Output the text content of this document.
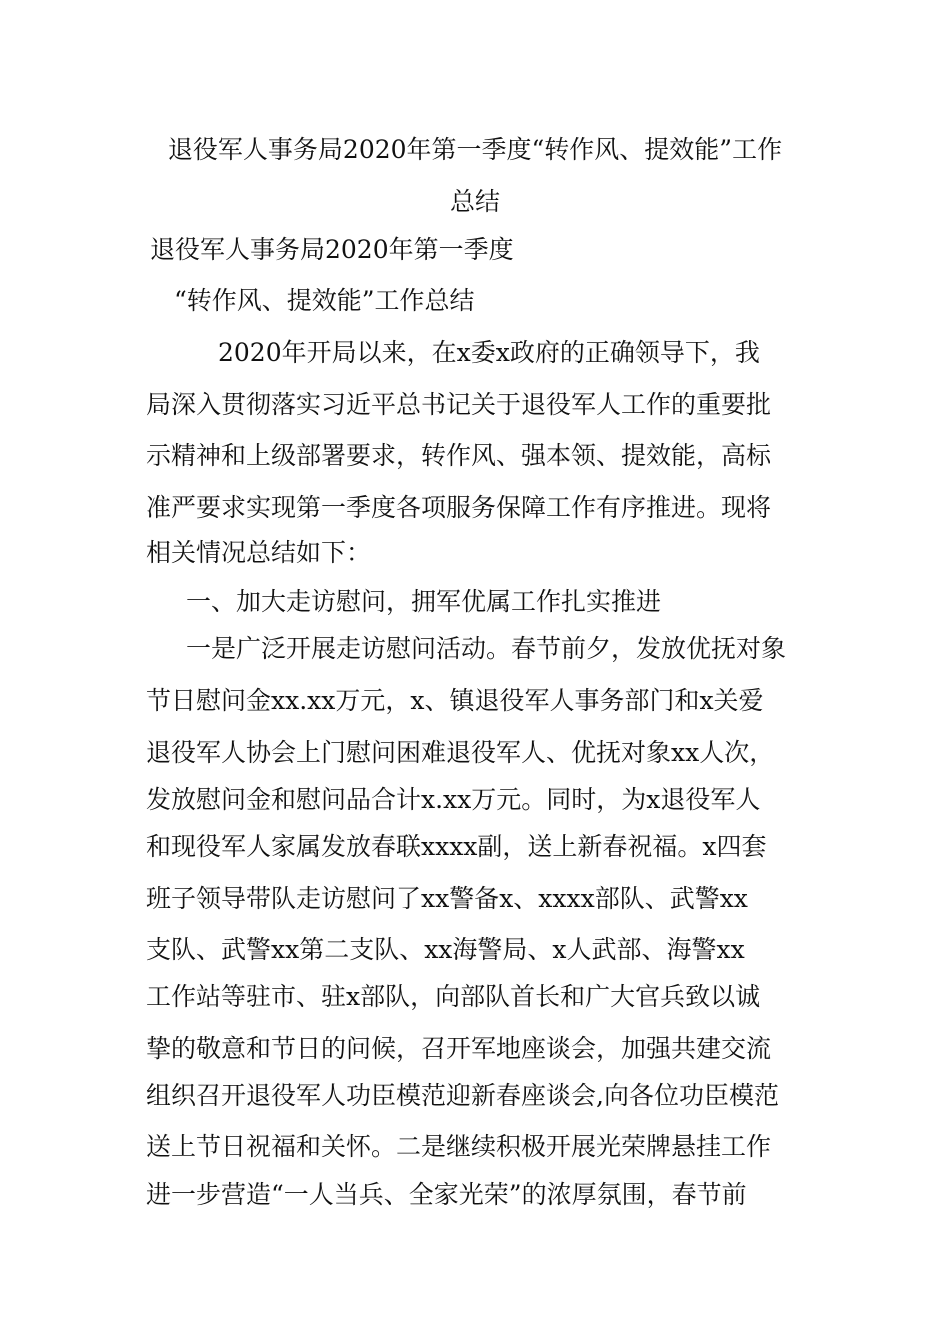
退役军人事务局2020年第一季度“转作风、提效能”工作
总结
退役军人事务局2020年第一季度
“转作风、提效能”工作总结
2020年开局以来，在x委x政府的正确领导下，我
局深入贯彻落实习近平总书记关于退役军人工作的重要批
示精神和上级部署要求，转作风、强本领、提效能，高标
准严要求实现第一季度各项服务保障工作有序推进。现将
相关情况总结如下：
一、加大走访慰问，拥军优属工作扎实推进
一是广泛开展走访慰问活动。春节前夕，发放优抚对象
节日慰问金xx.xx万元，x、镇退役军人事务部门和x关爱
退役军人协会上门慰问困难退役军人、优抚对象xx人次，
发放慰问金和慰问品合计x.xx万元。同时，为x退役军人
和现役军人家属发放春联xxxx副，送上新春祝福。x四套
班子领导带队走访慰问了xx警备x、xxxx部队、武警xx
支队、武警xx第二支队、xx海警局、x人武部、海警xx
工作站等驻市、驻x部队，向部队首长和广大官兵致以诚
挚的敬意和节日的问候，召开军地座谈会，加强共建交流
组织召开退役军人功臣模范迎新春座谈会,向各位功臣模范
送上节日祝福和关怀。二是继续积极开展光荣牌悬挂工作
进一步营造“一人当兵、全家光荣”的浓厚氛围，春节前
